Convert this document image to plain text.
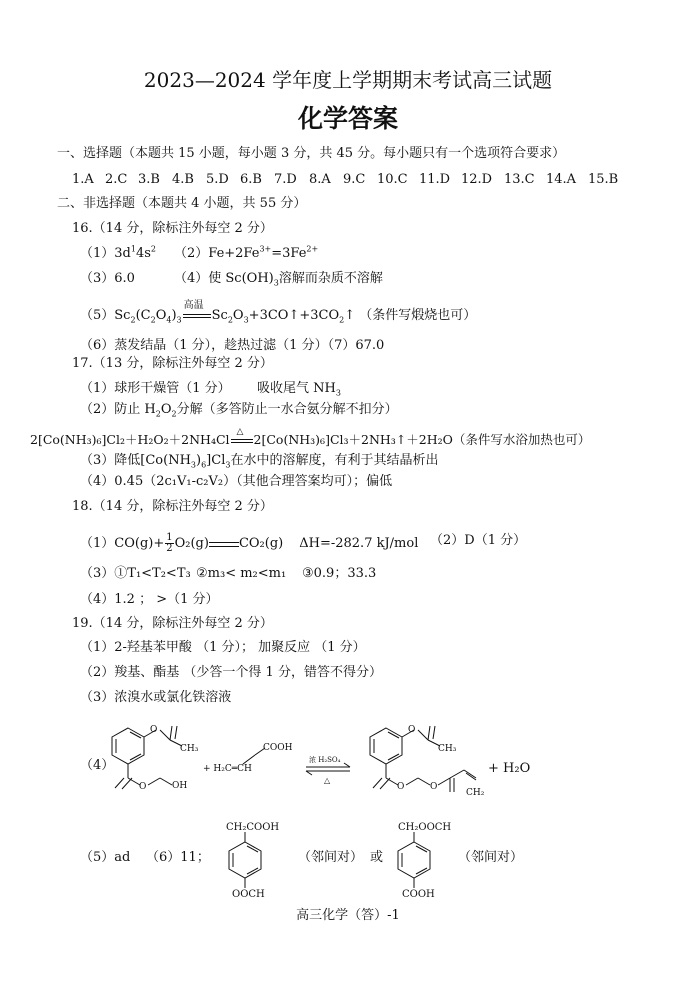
2023—2024 学年度上学期期末考试高三试题
化学答案
一、选择题（本题共 15 小题，每小题 3 分，共 45 分。每小题只有一个选项符合要求）
1.A 2.C 3.B 4.B 5.D 6.B 7.D 8.A 9.C 10.C 11.D 12.D 13.C 14.A 15.B
二、非选择题（本题共 4 小题，共 55 分）
16.（14 分，除标注外每空 2 分）
$(1)3d^14s^2$ $(2)Fe+2Fe^{3+}=3Fe^{2+}$
（3）6.0	（4）使 $Sc(OH)_3$溶解而杂质不溶解
$(5)Sc_2(C_2O_4)_3$
高温
$Sc_2O_3+3CO↑+3CO_2↑$ （条件写煅烧也可）
（6）蒸发结晶（1 分），趁热过滤（1 分）（7）67.0
17.（13 分，除标注外每空 2 分）
（1）球形干燥管（1 分） 吸收尾气 $NH_3$
（2）防止 $H_2O_2$分解（多答防止一水合氨分解不扣分）
2[Co(NH₃)₆]Cl₂＋H₂O₂＋2NH₄Cl
△
2[Co(NH₃)₆]Cl₃＋2NH₃↑＋2H₂O（条件写水浴加热也可）
（3）降低$[Co(NH_3)_6]Cl_3$在水中的溶解度，有利于其结晶析出
（4）0.45（2c₁V₁-c₂V₂）（其他合理答案均可）；偏低
18.（14 分，除标注外每空 2 分）
$(1)CO(g)+ \frac{1}{2} O_2(g)$ CO₂(g) ΔH=-282.7 kJ/mol （2）D（1 分）
（3）①T₁<T₂<T₃ ②m₃< m₂<m₁ ③0.9；33.3
（4）1.2 ； >（1 分）
19.（14 分，除标注外每空 2 分）
（1）2-羟基苯甲酸 （1 分）； 加聚反应 （1 分）
（2）羧基、酯基 （少答一个得 1 分，错答不得分）
（3）浓溴水或氯化铁溶液
（4）
O
CH₃
O	OH
COOH
+ H₂C═CH
浓 H₂SO₄
△
O
CH₃
O	O
CH₂
+ H₂O
（5）ad （6）11；
CH₂COOH
OOCH
（邻间对） 或
CH₂OOCH
COOH
（邻间对）
高三化学（答）-1
